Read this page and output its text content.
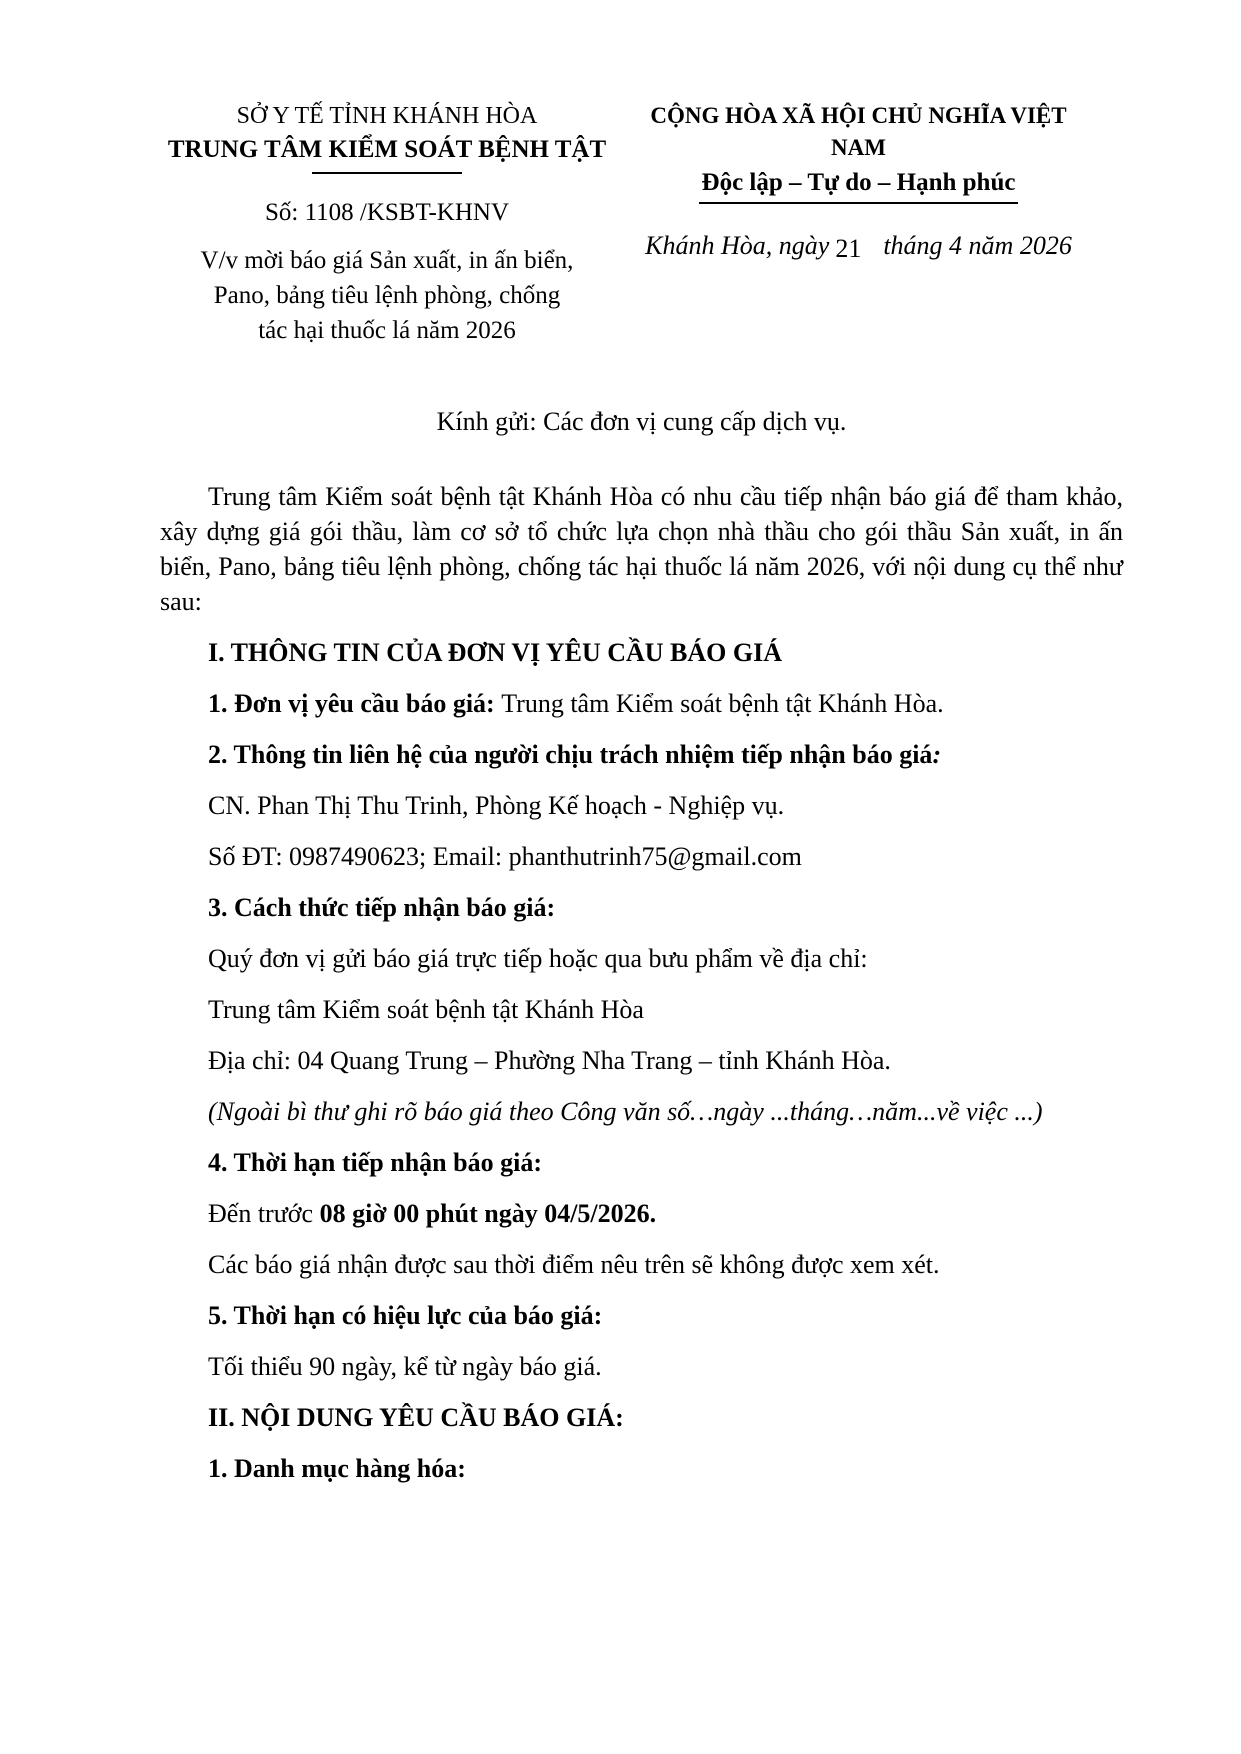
SỞ Y TẾ TỈNH KHÁNH HÒA
TRUNG TÂM KIỂM SOÁT BỆNH TẬT
Số: 1108 /KSBT-KHNV
V/v mời báo giá Sản xuất, in ấn biển,
Pano, bảng tiêu lệnh phòng, chống
tác hại thuốc lá năm 2026
CỘNG HÒA XÃ HỘI CHỦ NGHĨA VIỆT NAM
Độc lập – Tự do – Hạnh phúc
Khánh Hòa, ngày 21 tháng 4 năm 2026

Kính gửi: Các đơn vị cung cấp dịch vụ.

Trung tâm Kiểm soát bệnh tật Khánh Hòa có nhu cầu tiếp nhận báo giá để tham khảo, xây dựng giá gói thầu, làm cơ sở tổ chức lựa chọn nhà thầu cho gói thầu Sản xuất, in ấn biển, Pano, bảng tiêu lệnh phòng, chống tác hại thuốc lá năm 2026, với nội dung cụ thể như sau:

I. THÔNG TIN CỦA ĐƠN VỊ YÊU CẦU BÁO GIÁ

1. Đơn vị yêu cầu báo giá: Trung tâm Kiểm soát bệnh tật Khánh Hòa.

2. Thông tin liên hệ của người chịu trách nhiệm tiếp nhận báo giá:

CN. Phan Thị Thu Trinh, Phòng Kế hoạch - Nghiệp vụ.

Số ĐT: 0987490623; Email: phanthutrinh75@gmail.com

3. Cách thức tiếp nhận báo giá:

Quý đơn vị gửi báo giá trực tiếp hoặc qua bưu phẩm về địa chỉ:

Trung tâm Kiểm soát bệnh tật Khánh Hòa

Địa chỉ: 04 Quang Trung – Phường Nha Trang – tỉnh Khánh Hòa.

(Ngoài bì thư ghi rõ báo giá theo Công văn số…ngày ...tháng…năm...về việc ...)

4. Thời hạn tiếp nhận báo giá:

Đến trước 08 giờ 00 phút ngày 04/5/2026.

Các báo giá nhận được sau thời điểm nêu trên sẽ không được xem xét.

5. Thời hạn có hiệu lực của báo giá:

Tối thiểu 90 ngày, kể từ ngày báo giá.

II. NỘI DUNG YÊU CẦU BÁO GIÁ:

1. Danh mục hàng hóa:
